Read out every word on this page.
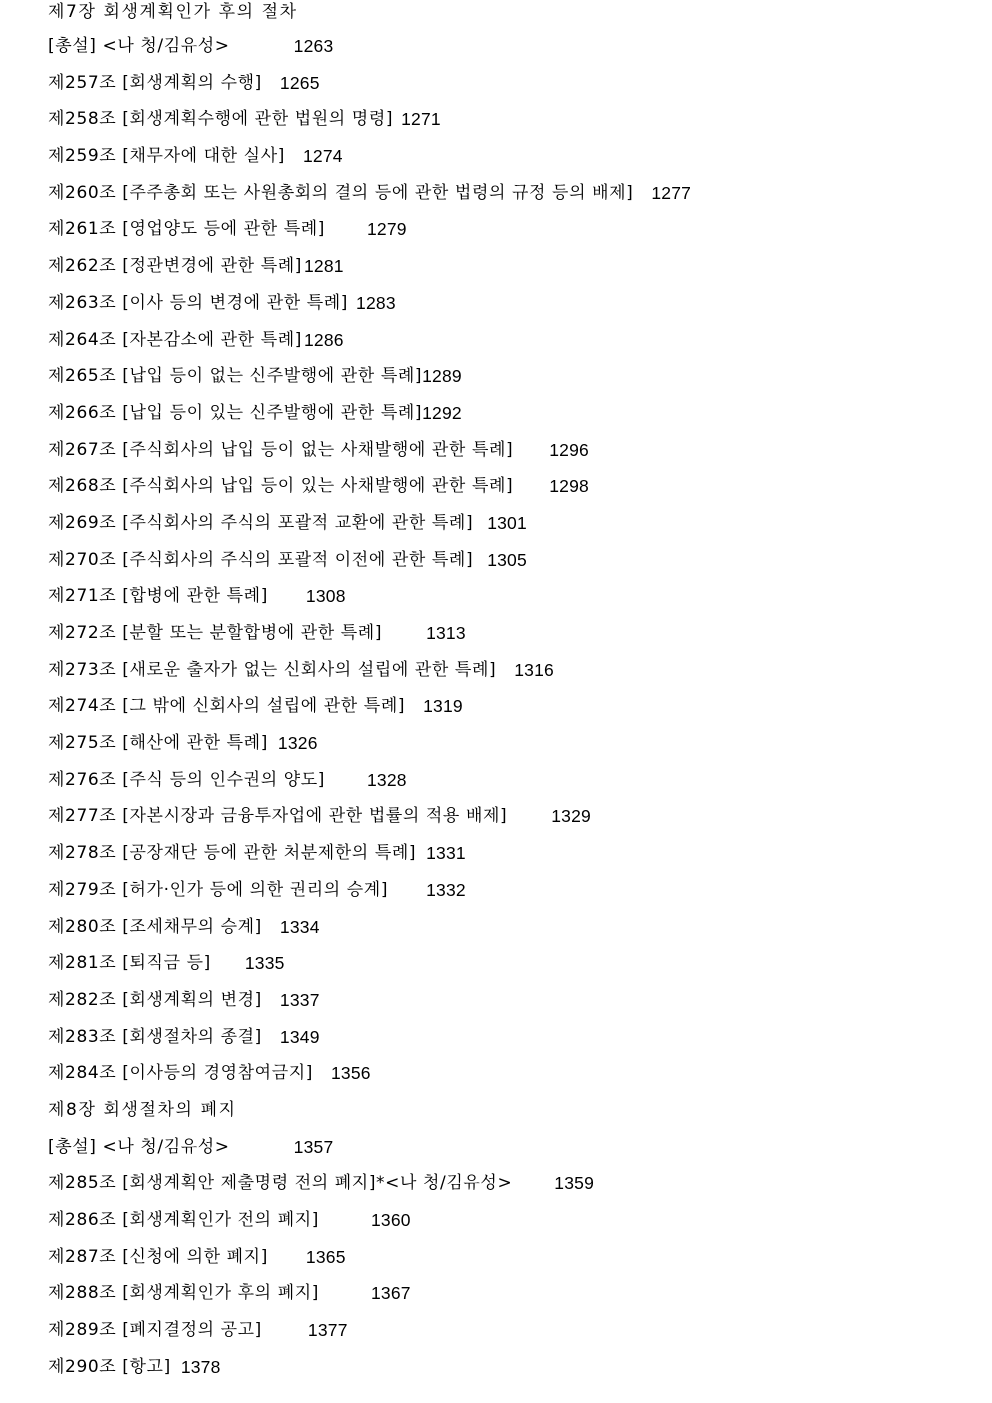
제7장 회생계획인가 후의 절차
[총설] <나 청/김유성>	1263
제257조 [회생계획의 수행] 1265
제258조 [회생계획수행에 관한 법원의 명령] 1271
제259조 [채무자에 대한 실사] 1274
제260조 [주주총회 또는 사원총회의 결의 등에 관한 법령의 규정 등의 배제] 1277
제261조 [영업양도 등에 관한 특례] 1279
제262조 [정관변경에 관한 특례] 1281
제263조 [이사 등의 변경에 관한 특례] 1283
제264조 [자본감소에 관한 특례] 1286
제265조 [납입 등이 없는 신주발행에 관한 특례] 1289
제266조 [납입 등이 있는 신주발행에 관한 특례] 1292
제267조 [주식회사의 납입 등이 없는 사채발행에 관한 특례] 1296
제268조 [주식회사의 납입 등이 있는 사채발행에 관한 특례] 1298
제269조 [주식회사의 주식의 포괄적 교환에 관한 특례] 1301
제270조 [주식회사의 주식의 포괄적 이전에 관한 특례] 1305
제271조 [합병에 관한 특례] 1308
제272조 [분할 또는 분할합병에 관한 특례]	1313
제273조 [새로운 출자가 없는 신회사의 설립에 관한 특례] 1316
제274조 [그 밖에 신회사의 설립에 관한 특례] 1319
제275조 [해산에 관한 특례] 1326
제276조 [주식 등의 인수권의 양도] 1328
제277조 [자본시장과 금융투자업에 관한 법률의 적용 배제]	1329
제278조 [공장재단 등에 관한 처분제한의 특례] 1331
제279조 [허가·인가 등에 의한 권리의 승계] 1332
제280조 [조세채무의 승계] 1334
제281조 [퇴직금 등] 1335
제282조 [회생계획의 변경] 1337
제283조 [회생절차의 종결] 1349
제284조 [이사등의 경영참여금지] 1356
제8장 회생절차의 폐지
[총설] <나 청/김유성>	1357
제285조 [회생계획안 제출명령 전의 폐지]*<나 청/김유성> 1359
제286조 [회생계획인가 전의 폐지]	1360
제287조 [신청에 의한 폐지] 1365
제288조 [회생계획인가 후의 폐지]	1367
제289조 [폐지결정의 공고]	1377
제290조 [항고] 1378
